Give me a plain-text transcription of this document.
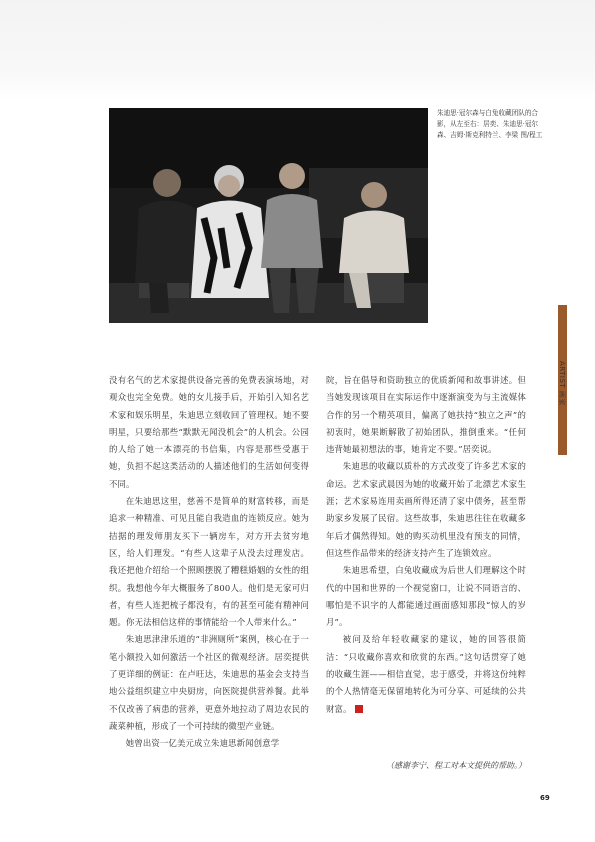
朱迪思·冠尔森与白兔收藏团队的合影，从左至右：居奕、朱迪思·冠尔森、吉姆·斯克利特兰、李梁 图/程工
ARTIST 画家

没有名气的艺术家提供设备完善的免费表演场地，对观众也完全免费。她的女儿接手后，开始引入知名艺术家和娱乐明星，朱迪思立刻收回了管理权。她不要明星，只要给那些“默默无闻没机会”的人机会。公园的人给了她一本漂亮的书信集，内容是那些受惠于她，负担不起这类活动的人描述他们的生活如何变得不同。

在朱迪思这里，慈善不是简单的财富转移，而是追求一种精准、可见且能自我造血的连锁反应。她为拮据的理发师朋友买下一辆房车，对方开去贫穷地区，给人们理发。“有些人这辈子从没去过理发店。我还把他介绍给一个照顾摆脱了糟糕婚姻的女性的组织。我想他今年大概服务了800人。他们是无家可归者，有些人连把梳子都没有，有的甚至可能有精神问题。你无法相信这样的事情能给一个人带来什么。”

朱迪思津津乐道的“非洲厕所”案例，核心在于一笔小额投入如何激活一个社区的微观经济。居奕提供了更详细的例证：在卢旺达，朱迪思的基金会支持当地公益组织建立中央厨房，向医院提供营养餐。此举不仅改善了病患的营养，更意外地拉动了周边农民的蔬菜种植，形成了一个可持续的微型产业链。

她曾出资一亿美元成立朱迪思新闻创意学

院，旨在倡导和资助独立的优质新闻和故事讲述。但当她发现该项目在实际运作中逐渐演变为与主流媒体合作的另一个精英项目，偏离了她扶持“独立之声”的初衷时，她果断解散了初始团队，推倒重来。“任何违背她最初想法的事，她肯定不要。”居奕说。

朱迪思的收藏以质朴的方式改变了许多艺术家的命运。艺术家武晨因为她的收藏开始了北漂艺术家生涯；艺术家易连用卖画所得还清了家中债务，甚至帮助家乡发展了民宿。这些故事，朱迪思往往在收藏多年后才偶然得知。她的购买动机里没有预支的同情，但这些作品带来的经济支持产生了连锁效应。

朱迪思希望，白兔收藏成为后世人们理解这个时代的中国和世界的一个视觉窗口，让说不同语言的、哪怕是不识字的人都能通过画面感知那段“惊人的岁月”。

被问及给年轻收藏家的建议，她的回答很简洁：“只收藏你喜欢和欣赏的东西。”这句话贯穿了她的收藏生涯——相信直觉，忠于感受，并将这份纯粹的个人热情毫无保留地转化为可分享、可延续的公共财富。

（感谢李宁、程工对本文提供的帮助。）
69
